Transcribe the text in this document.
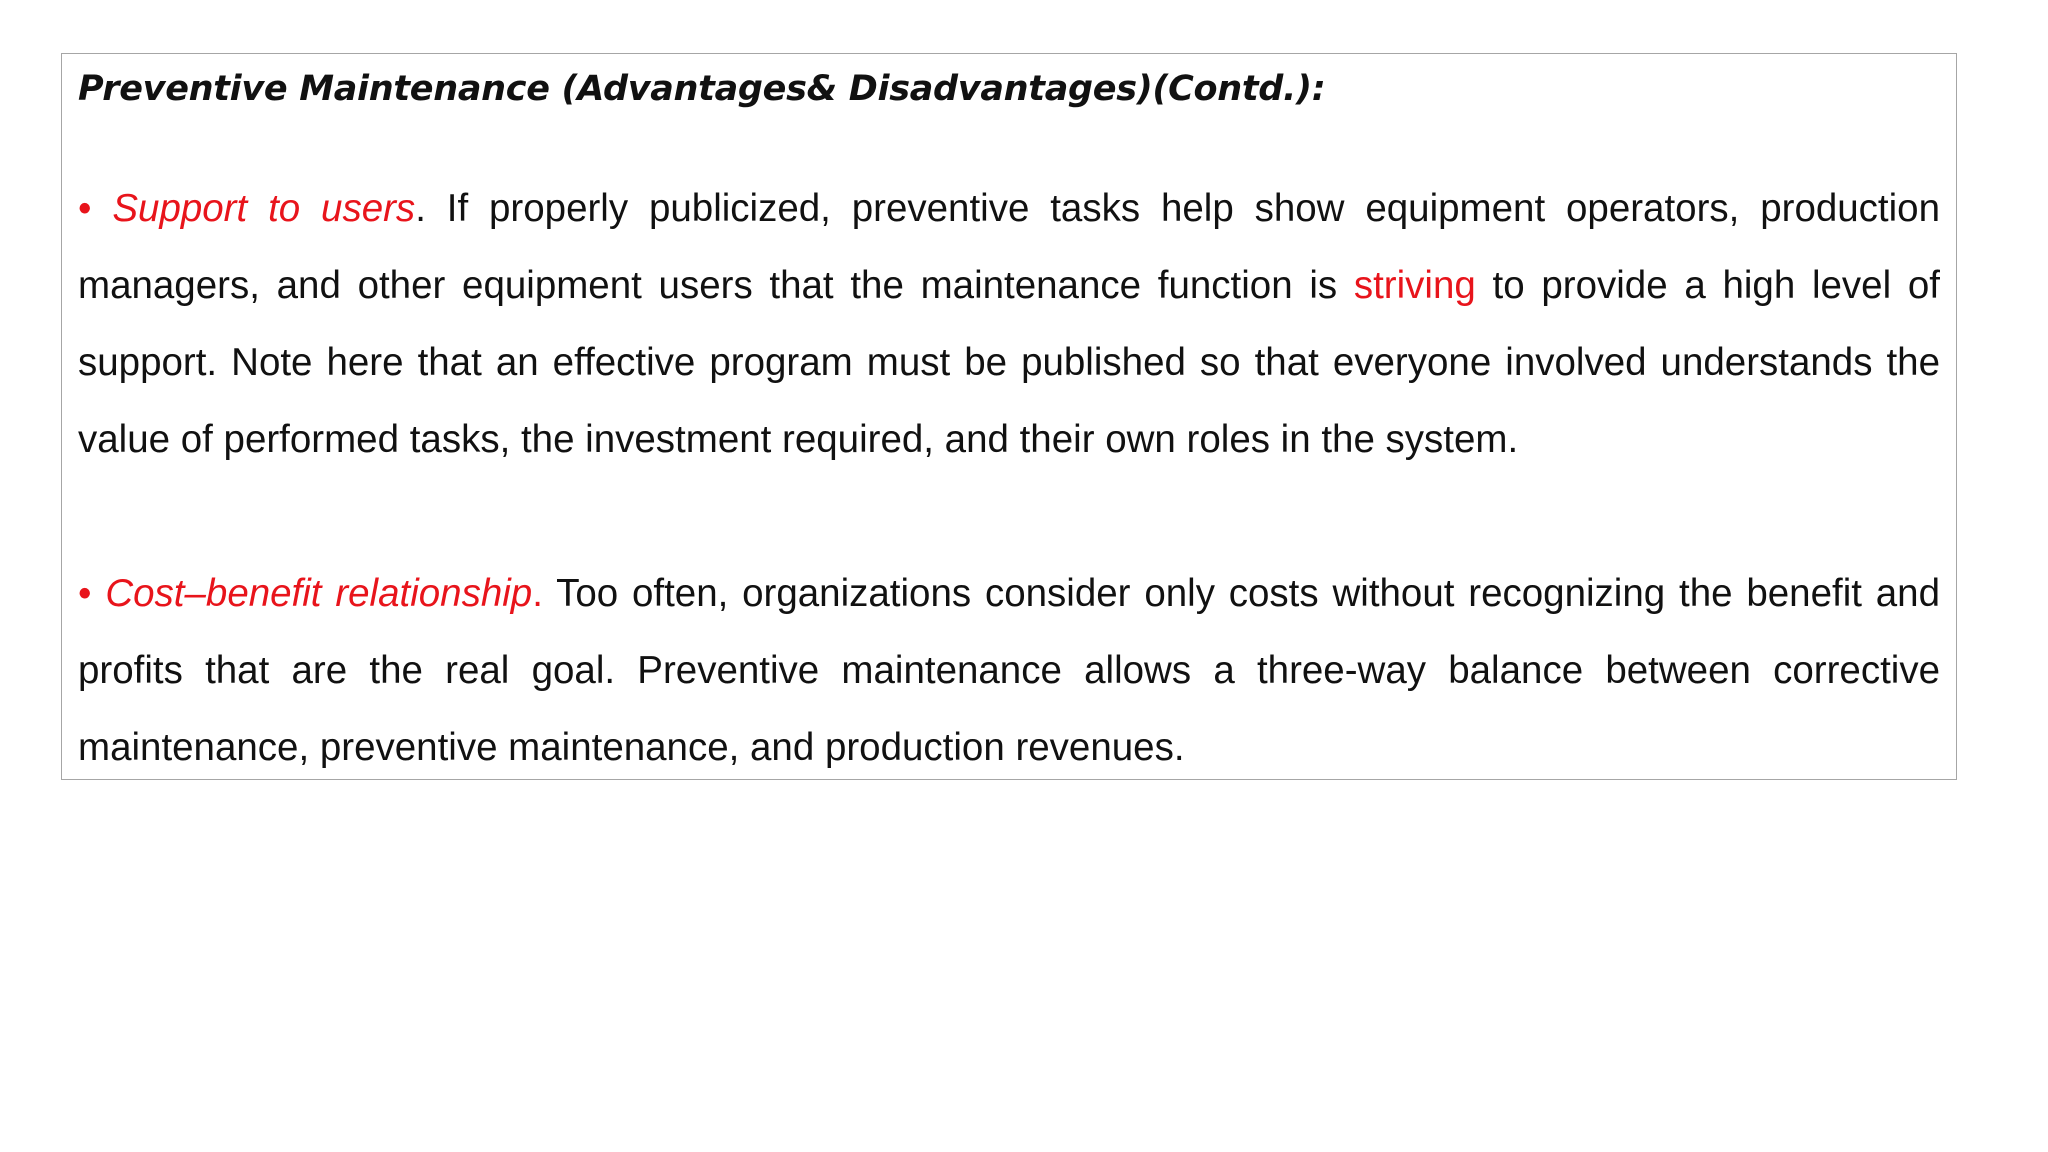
Preventive Maintenance (Advantages& Disadvantages)(Contd.):

• Support to users. If properly publicized, preventive tasks help show equipment operators, production managers, and other equipment users that the maintenance function is striving to provide a high level of support. Note here that an effective program must be published so that everyone involved understands the value of performed tasks, the investment required, and their own roles in the system.

• Cost–benefit relationship. Too often, organizations consider only costs without recognizing the benefit and profits that are the real goal. Preventive maintenance allows a three-way balance between corrective maintenance, preventive maintenance, and production revenues.
